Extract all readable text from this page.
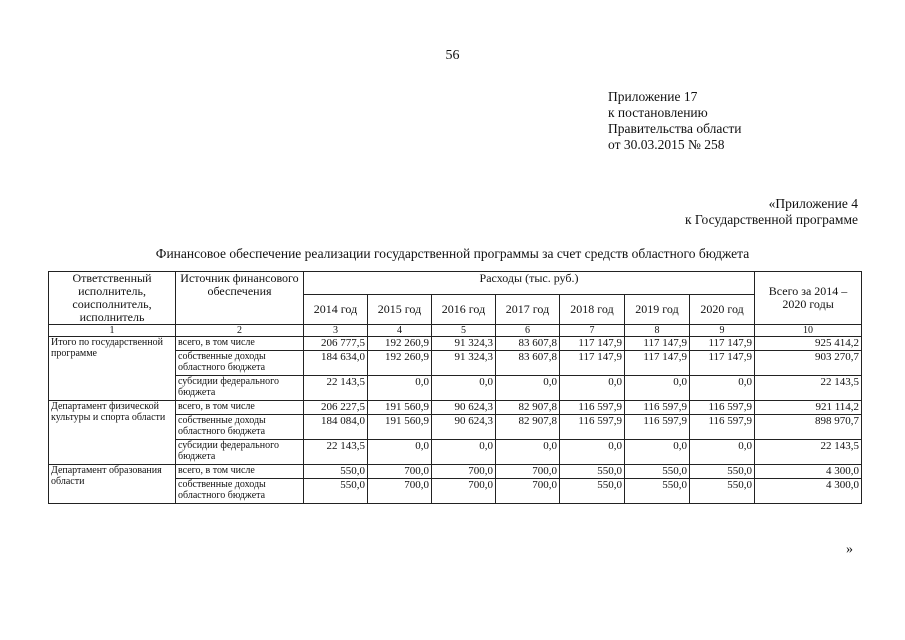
56
Приложение 17
к постановлению
Правительства области
от 30.03.2015 № 258
«Приложение 4
к Государственной программе
Финансовое обеспечение реализации государственной программы за счет средств областного бюджета
Ответственный исполнитель, соисполнитель, исполнитель	Источник финансового обеспечения	Расходы (тыс. руб.)							Всего за 2014 – 2020 годы
		2014 год	2015 год	2016 год	2017 год	2018 год	2019 год	2020 год	
1	2	3	4	5	6	7	8	9	10
Итого по государственной программе	всего, в том числе	206 777,5	192 260,9	91 324,3	83 607,8	117 147,9	117 147,9	117 147,9	925 414,2
	собственные доходы областного бюджета	184 634,0	192 260,9	91 324,3	83 607,8	117 147,9	117 147,9	117 147,9	903 270,7
	субсидии федерального бюджета	22 143,5	0,0	0,0	0,0	0,0	0,0	0,0	22 143,5
Департамент физической культуры и спорта области	всего, в том числе	206 227,5	191 560,9	90 624,3	82 907,8	116 597,9	116 597,9	116 597,9	921 114,2
	собственные доходы областного бюджета	184 084,0	191 560,9	90 624,3	82 907,8	116 597,9	116 597,9	116 597,9	898 970,7
	субсидии федерального бюджета	22 143,5	0,0	0,0	0,0	0,0	0,0	0,0	22 143,5
Департамент образования области	всего, в том числе	550,0	700,0	700,0	700,0	550,0	550,0	550,0	4 300,0
	собственные доходы областного бюджета	550,0	700,0	700,0	700,0	550,0	550,0	550,0	4 300,0
»
